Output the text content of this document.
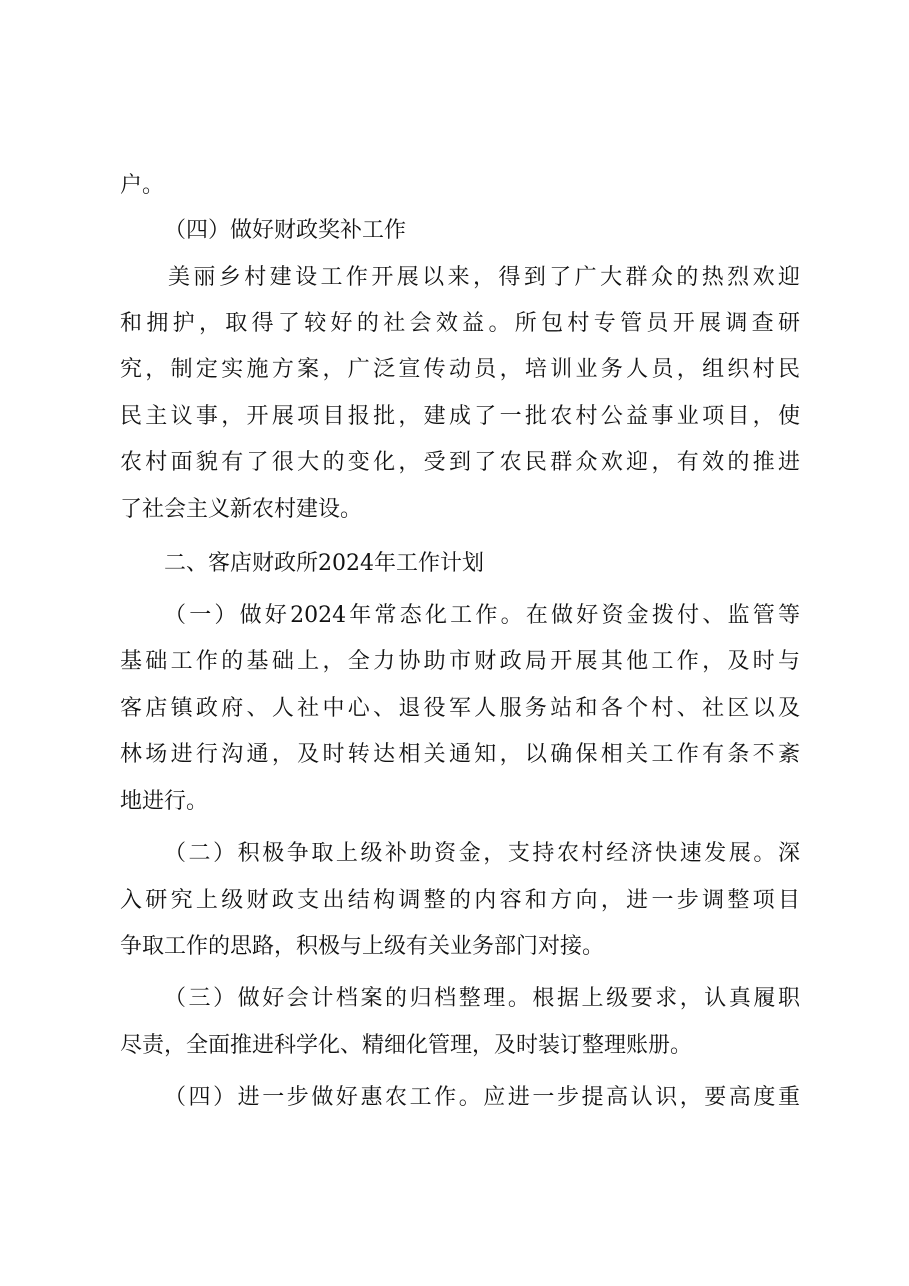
户。

（四）做好财政奖补工作

美丽乡村建设工作开展以来，得到了广大群众的热烈欢迎

和拥护，取得了较好的社会效益。所包村专管员开展调查研

究，制定实施方案，广泛宣传动员，培训业务人员，组织村民

民主议事，开展项目报批，建成了一批农村公益事业项目，使

农村面貌有了很大的变化，受到了农民群众欢迎，有效的推进

了社会主义新农村建设。

二、客店财政所2024年工作计划

（一）做好2024年常态化工作。在做好资金拨付、监管等

基础工作的基础上，全力协助市财政局开展其他工作，及时与

客店镇政府、人社中心、退役军人服务站和各个村、社区以及

林场进行沟通，及时转达相关通知，以确保相关工作有条不紊

地进行。

（二）积极争取上级补助资金，支持农村经济快速发展。深

入研究上级财政支出结构调整的内容和方向，进一步调整项目

争取工作的思路，积极与上级有关业务部门对接。

（三）做好会计档案的归档整理。根据上级要求，认真履职

尽责，全面推进科学化、精细化管理，及时装订整理账册。

（四）进一步做好惠农工作。应进一步提高认识，要高度重
